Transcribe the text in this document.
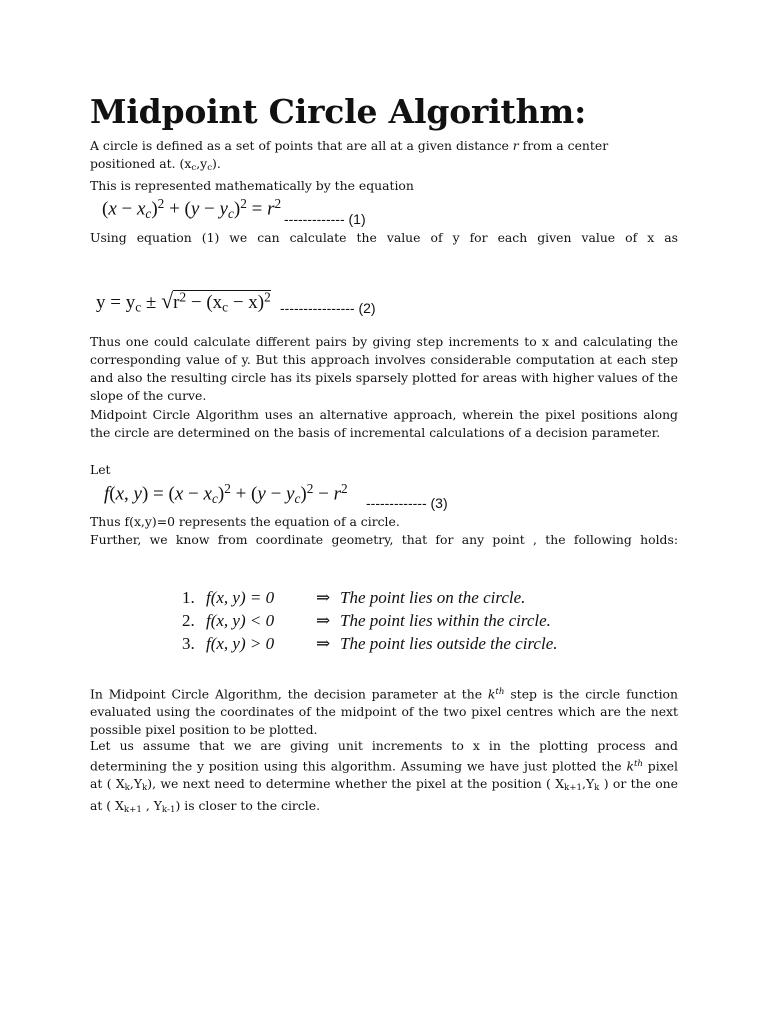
Midpoint Circle Algorithm:

A circle is defined as a set of points that are all at a given distance r from a center
positioned at. $(x_c,y_c)$.
This is represented mathematically by the equation

$(x - x_c)^2 + (y - y_c)^2 = r^2$
------------- (1)

Using equation (1) we can calculate the value of y for each given value of x as

$y = y_c \pm √r^2 - (x_c - x)^2$
---------------- (2)

Thus one could calculate different pairs by giving step increments to x and calculating the corresponding value of y. But this approach involves considerable computation at each step and also the resulting circle has its pixels sparsely plotted for areas with higher values of the slope of the curve.

Midpoint Circle Algorithm uses an alternative approach, wherein the pixel positions along the circle are determined on the basis of incremental calculations of a decision parameter.

Let

f(x, $y) = (x - x_c)^2 + (y - y_c)^2 - r^2$
------------- (3)

Thus f(x,y)=0 represents the equation of a circle.

Further, we know from coordinate geometry, that for any point , the following holds:

1. f(x, y) = 0 ⇒ The point lies on the circle.
2. f(x, y) < 0 ⇒ The point lies within the circle.
3. f(x, y) > 0 ⇒ The point lies outside the circle.

In Midpoint Circle Algorithm, the decision parameter at the $k^{th}$ step is the circle function evaluated using the coordinates of the midpoint of the two pixel centres which are the next possible pixel position to be plotted.

Let us assume that we are giving unit increments to x in the plotting process and determining the y position using this algorithm. Assuming we have just plotted the $k^{th}$ pixel at ( $X_k,Y_k$), we next need to determine whether the pixel at the position ( $X_{k+1},Y_k$ ) or the one at ( $X_{k+1}$ , $Y_{k-1}$) is closer to the circle.
